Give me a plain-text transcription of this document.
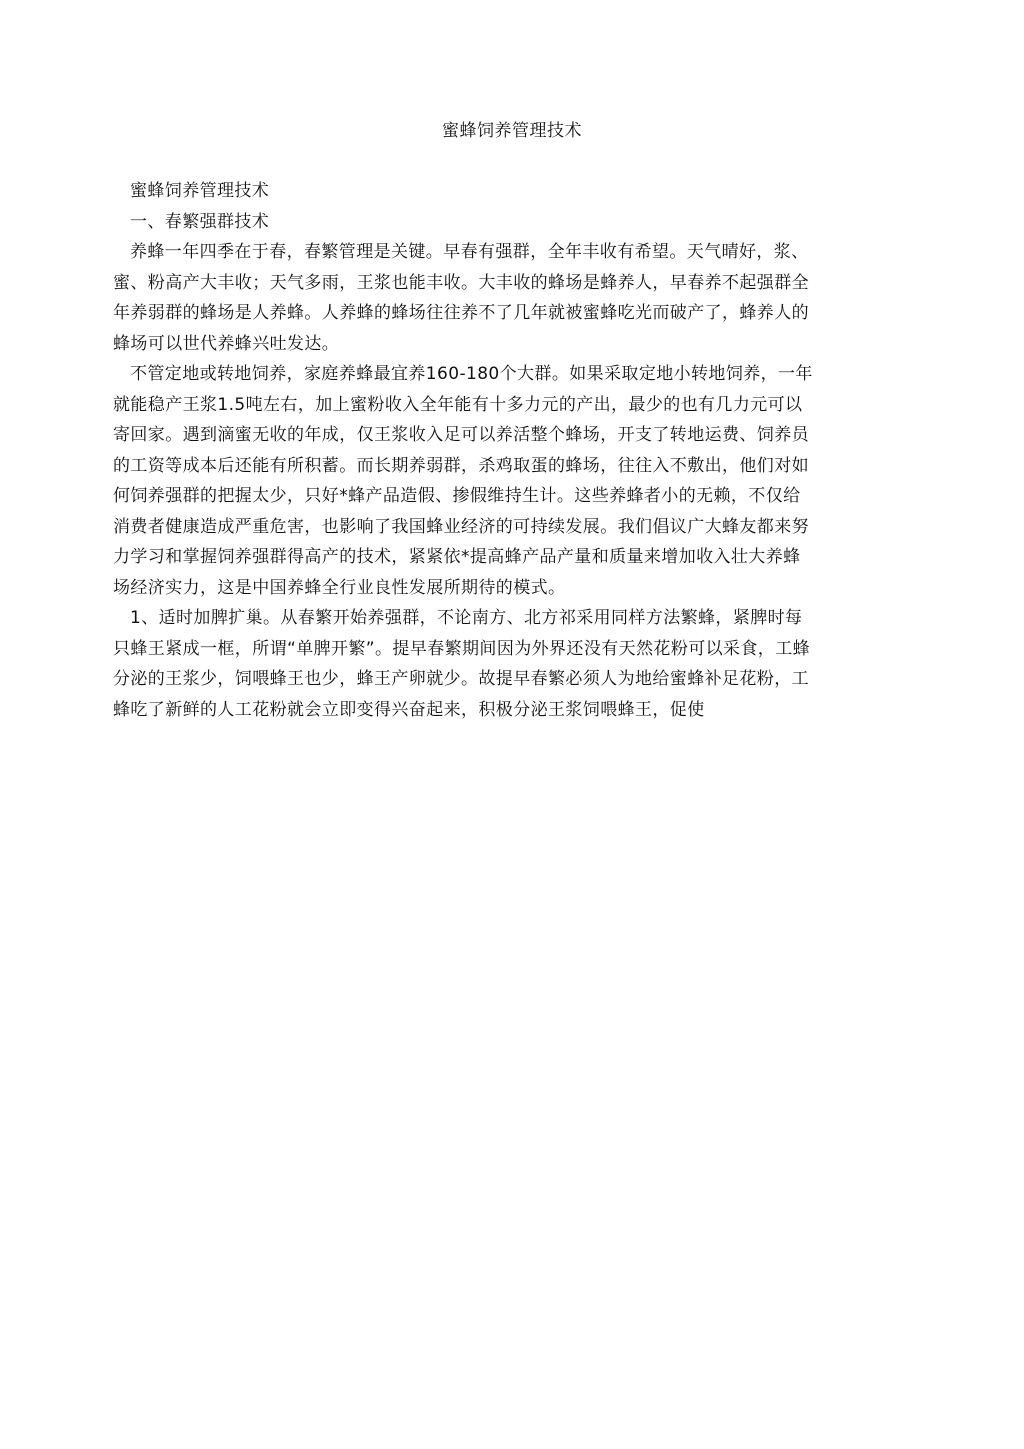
蜜蜂饲养管理技术
蜜蜂饲养管理技术
一、春繁强群技术
养蜂一年四季在于春，春繁管理是关键。早春有强群，全年丰收有希望。天气晴好，浆、
蜜、粉高产大丰收；天气多雨，王浆也能丰收。大丰收的蜂场是蜂养人，早春养不起强群全
年养弱群的蜂场是人养蜂。人养蜂的蜂场往往养不了几年就被蜜蜂吃光而破产了，蜂养人的
蜂场可以世代养蜂兴吐发达。
不管定地或转地饲养，家庭养蜂最宜养160-180个大群。如果采取定地小转地饲养，一年
就能稳产王浆1.5吨左右，加上蜜粉收入全年能有十多力元的产出，最少的也有几力元可以
寄回家。遇到滴蜜无收的年成，仅王浆收入足可以养活整个蜂场，开支了转地运费、饲养员
的工资等成本后还能有所积蓄。而长期养弱群，杀鸡取蛋的蜂场，往往入不敷出，他们对如
何饲养强群的把握太少，只好*蜂产品造假、掺假维持生计。这些养蜂者小的无赖，不仅给
消费者健康造成严重危害，也影响了我国蜂业经济的可持续发展。我们倡议广大蜂友都来努
力学习和掌握饲养强群得高产的技术，紧紧依*提高蜂产品产量和质量来增加收入壮大养蜂
场经济实力，这是中国养蜂全行业良性发展所期待的模式。
1、适时加脾扩巢。从春繁开始养强群，不论南方、北方祁采用同样方法繁蜂，紧脾时每
只蜂王紧成一框，所谓“单脾开繁”。提早春繁期间因为外界还没有天然花粉可以采食，工蜂
分泌的王浆少，饲喂蜂王也少，蜂王产卵就少。故提早春繁必须人为地给蜜蜂补足花粉，工
蜂吃了新鲜的人工花粉就会立即变得兴奋起来，积极分泌王浆饲喂蜂王，促使
